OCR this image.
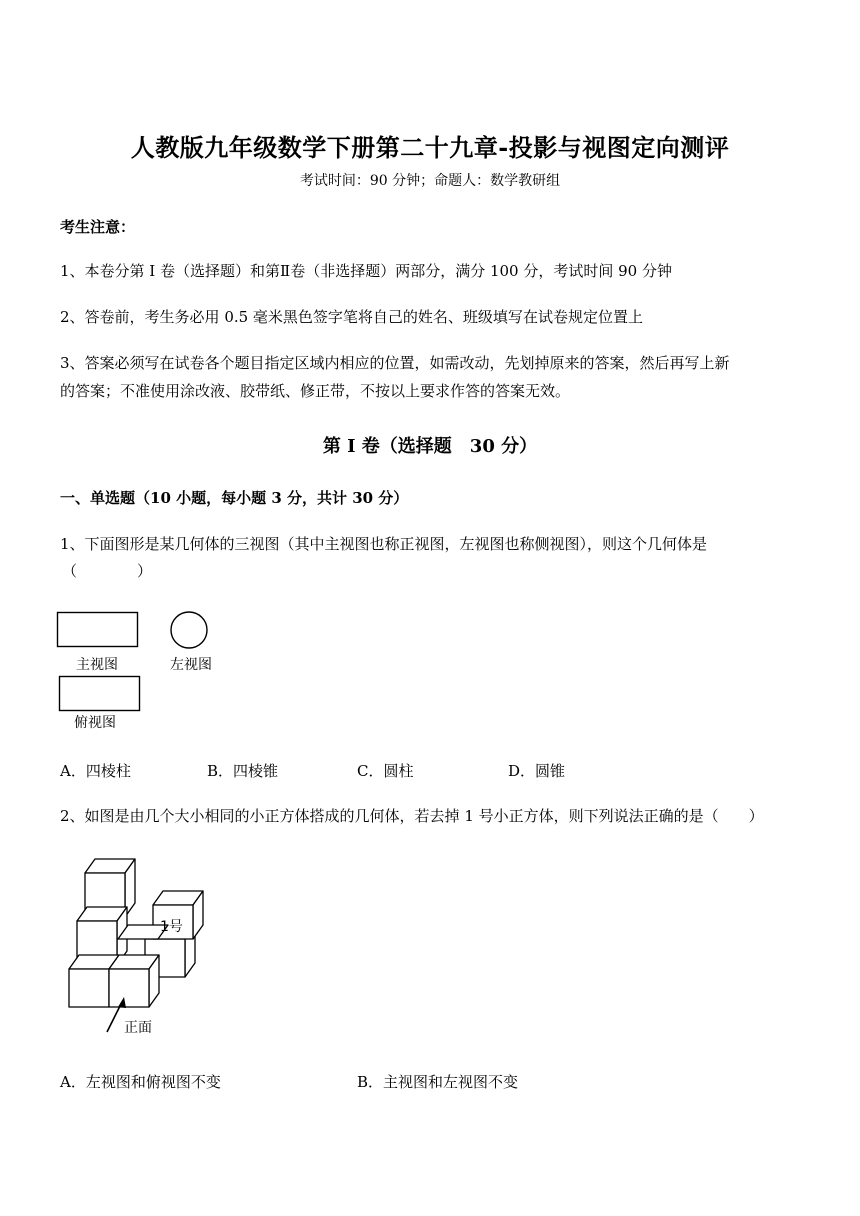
人教版九年级数学下册第二十九章-投影与视图定向测评
考试时间：90 分钟；命题人：数学教研组
考生注意：
1、本卷分第 I 卷（选择题）和第Ⅱ卷（非选择题）两部分，满分 100 分，考试时间 90 分钟
2、答卷前，考生务必用 0.5 毫米黑色签字笔将自己的姓名、班级填写在试卷规定位置上
3、答案必须写在试卷各个题目指定区域内相应的位置，如需改动，先划掉原来的答案，然后再写上新
的答案；不准使用涂改液、胶带纸、修正带，不按以上要求作答的答案无效。
第 I 卷（选择题　30 分）
一、单选题（10 小题，每小题 3 分，共计 30 分）
1、下面图形是某几何体的三视图（其中主视图也称正视图，左视图也称侧视图），则这个几何体是
（　　　　）
主视图	左视图
俯视图
A．四棱柱	B．四棱锥	C．圆柱	D．圆锥
2、如图是由几个大小相同的小正方体搭成的几何体，若去掉 1 号小正方体，则下列说法正确的是（　　）
1号
正面
A．左视图和俯视图不变	B．主视图和左视图不变
